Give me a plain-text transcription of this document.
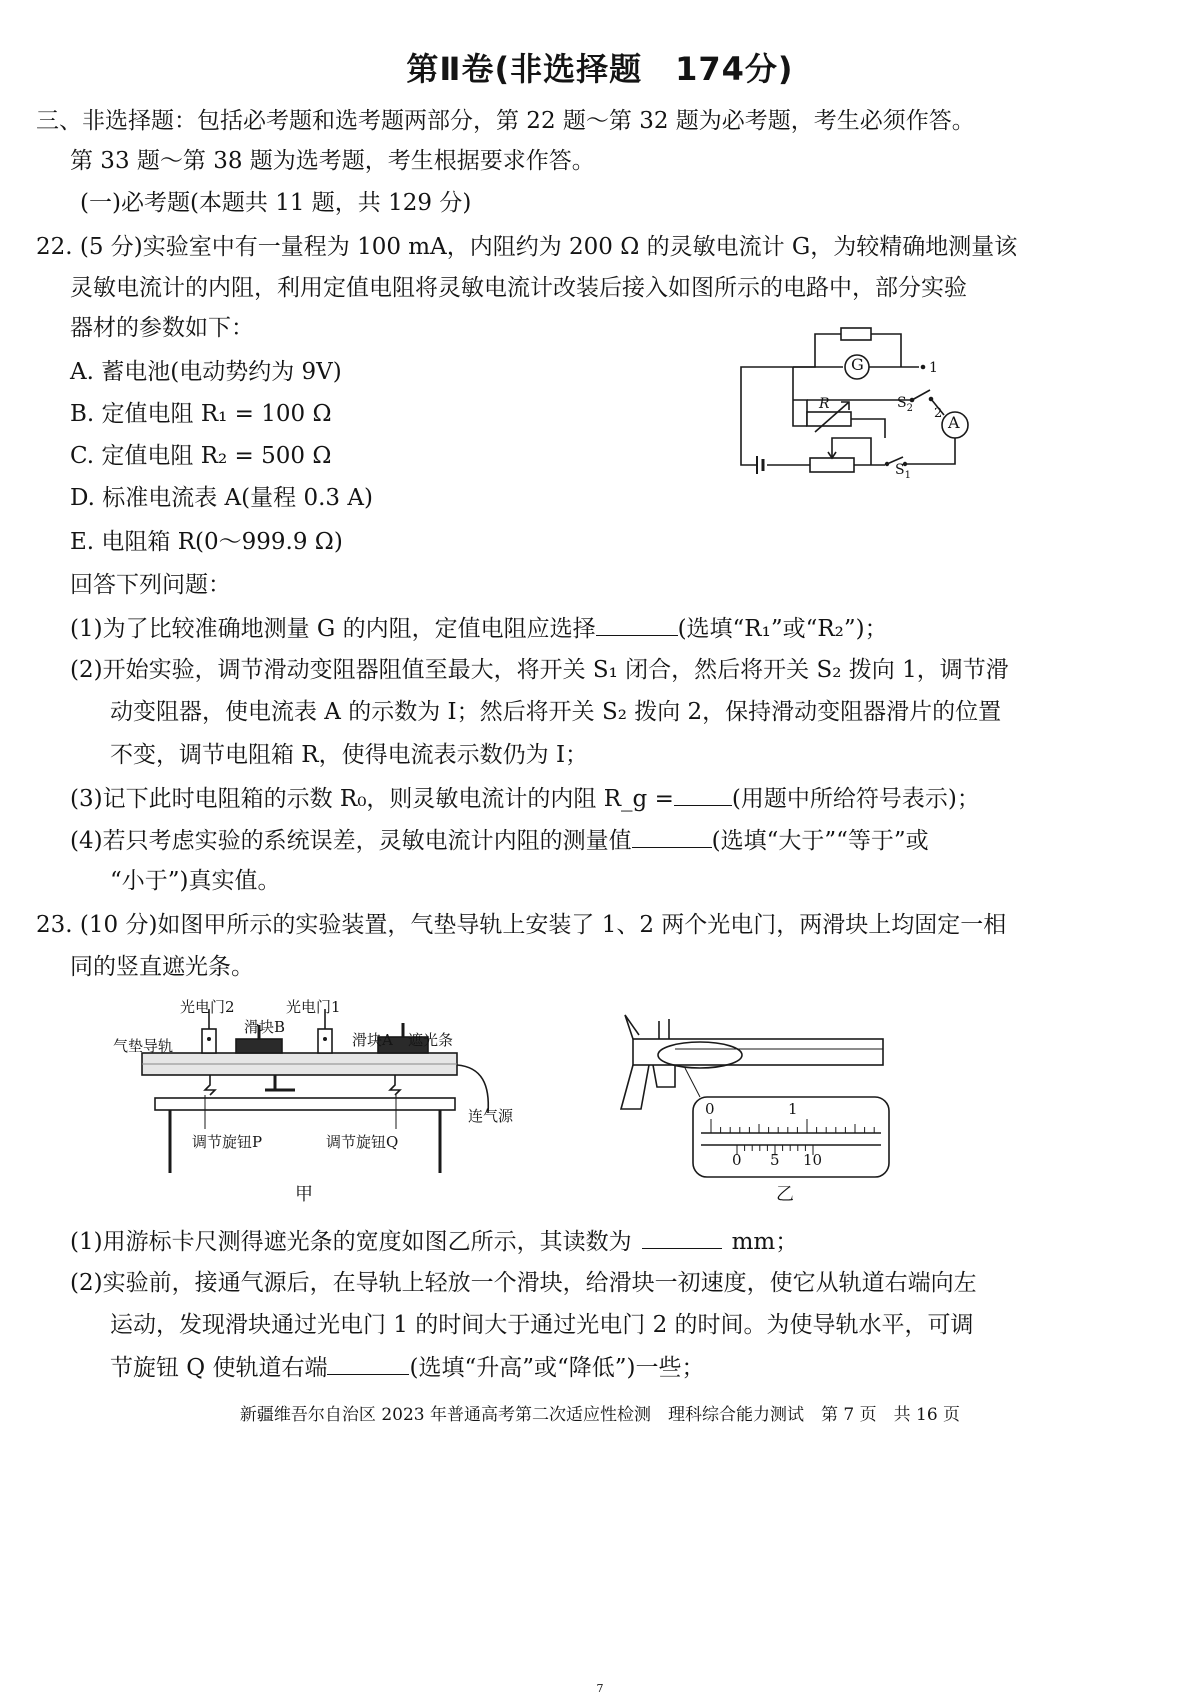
第Ⅱ卷(非选择题　174分)
三、非选择题：包括必考题和选考题两部分，第 22 题～第 32 题为必考题，考生必须作答。
第 33 题～第 38 题为选考题，考生根据要求作答。
(一)必考题(本题共 11 题，共 129 分)
22. (5 分)实验室中有一量程为 100 mA，内阻约为 200 Ω 的灵敏电流计 G，为较精确地测量该
灵敏电流计的内阻，利用定值电阻将灵敏电流计改装后接入如图所示的电路中，部分实验
器材的参数如下：
A. 蓄电池(电动势约为 9V)
B. 定值电阻 R₁ = 100 Ω
C. 定值电阻 R₂ = 500 Ω
D. 标准电流表 A(量程 0.3 A)
E. 电阻箱 R(0～999.9 Ω)
回答下列问题：
(1)为了比较准确地测量 G 的内阻，定值电阻应选择	(选填“R₁”或“R₂”)；
(2)开始实验，调节滑动变阻器阻值至最大，将开关 S₁ 闭合，然后将开关 S₂ 拨向 1，调节滑
动变阻器，使电流表 A 的示数为 I；然后将开关 S₂ 拨向 2，保持滑动变阻器滑片的位置
不变，调节电阻箱 R，使得电流表示数仍为 I；
(3)记下此时电阻箱的示数 R₀，则灵敏电流计的内阻 R_g =	(用题中所给符号表示)；
(4)若只考虑实验的系统误差，灵敏电流计内阻的测量值	(选填“大于”“等于”或
“小于”)真实值。
G
A
R
1
2
$S_2$
$S_1$
23. (10 分)如图甲所示的实验装置，气垫导轨上安装了 1、2 两个光电门，两滑块上均固定一相
同的竖直遮光条。
光电门2	光电门1
滑块B
滑块A 遮光条
气垫导轨
连气源
调节旋钮P	调节旋钮Q
甲
0	1
0 5 10
乙
(1)用游标卡尺测得遮光条的宽度如图乙所示，其读数为	mm；
(2)实验前，接通气源后，在导轨上轻放一个滑块，给滑块一初速度，使它从轨道右端向左
运动，发现滑块通过光电门 1 的时间大于通过光电门 2 的时间。为使导轨水平，可调
节旋钮 Q 使轨道右端	(选填“升高”或“降低”)一些；
新疆维吾尔自治区 2023 年普通高考第二次适应性检测　理科综合能力测试　第 7 页　共 16 页
7
